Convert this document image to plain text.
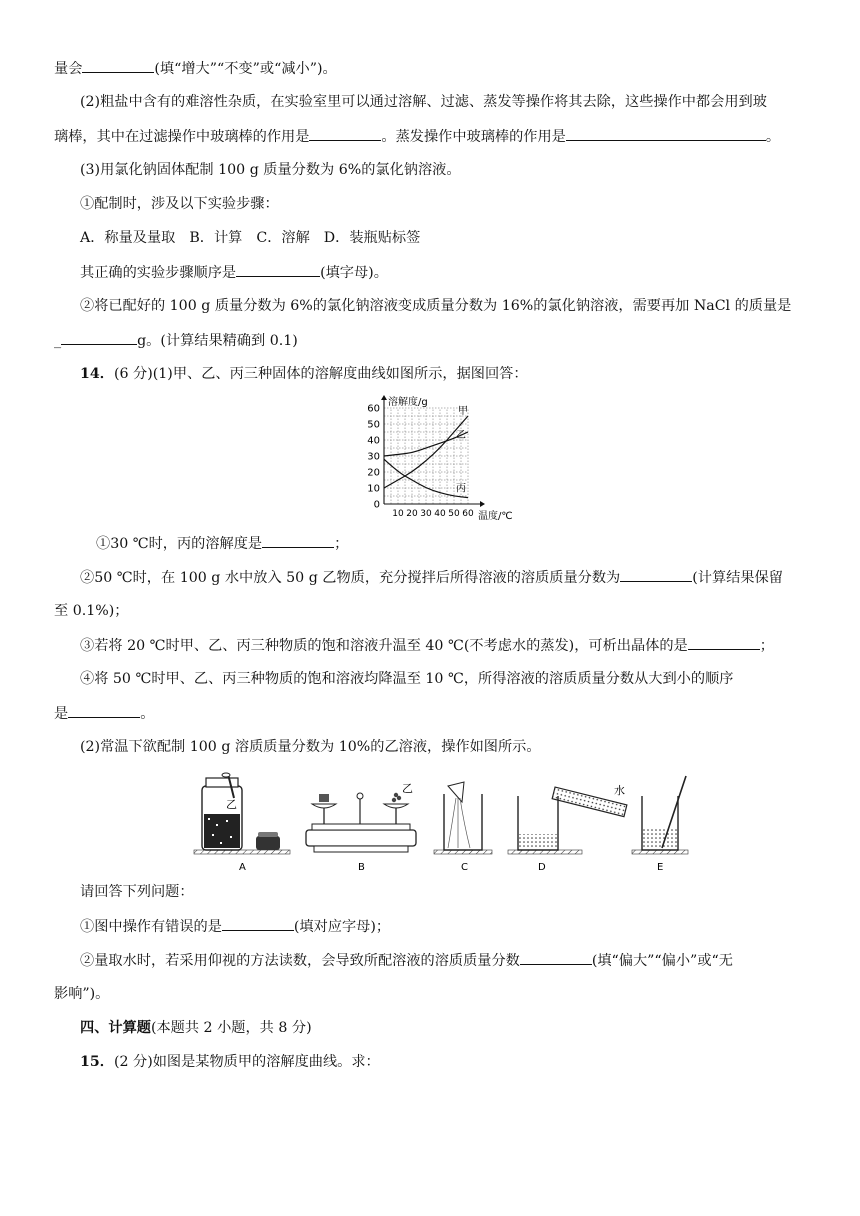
量会	(填“增大”“不变”或“减小”)。
(2)粗盐中含有的难溶性杂质，在实验室里可以通过溶解、过滤、蒸发等操作将其去除，这些操作中都会用到玻
璃棒，其中在过滤操作中玻璃棒的作用是	。蒸发操作中玻璃棒的作用是	。
(3)用氯化钠固体配制 100 g 质量分数为 6%的氯化钠溶液。
①配制时，涉及以下实验步骤：
A．称量及量取 B．计算 C．溶解 D．装瓶贴标签
其正确的实验步骤顺序是	(填字母)。
②将已配好的 100 g 质量分数为 6%的氯化钠溶液变成质量分数为 16%的氯化钠溶液，需要再加 NaCl 的质量是
_	g。(计算结果精确到 0.1)
14．(6 分)(1)甲、乙、丙三种固体的溶解度曲线如图所示，据图回答：
0
10
20
30
40
50
60
10 20 30 40 50 60
甲
乙
丙
溶解度/g
温度/℃
①30 ℃时，丙的溶解度是	；
②50 ℃时，在 100 g 水中放入 50 g 乙物质，充分搅拌后所得溶液的溶质质量分数为	(计算结果保留
至 0.1%)；
③若将 20 ℃时甲、乙、丙三种物质的饱和溶液升温至 40 ℃(不考虑水的蒸发)，可析出晶体的是	；
④将 50 ℃时甲、乙、丙三种物质的饱和溶液均降温至 10 ℃，所得溶液的溶质质量分数从大到小的顺序
是	。
(2)常温下欲配制 100 g 溶质质量分数为 10%的乙溶液，操作如图所示。
乙
A
乙
B	C
水
D	E
请回答下列问题：
①图中操作有错误的是	(填对应字母)；
②量取水时，若采用仰视的方法读数，会导致所配溶液的溶质质量分数	(填“偏大”“偏小”或“无
影响”)。
四、计算题(本题共 2 小题，共 8 分)
15．(2 分)如图是某物质甲的溶解度曲线。求：
